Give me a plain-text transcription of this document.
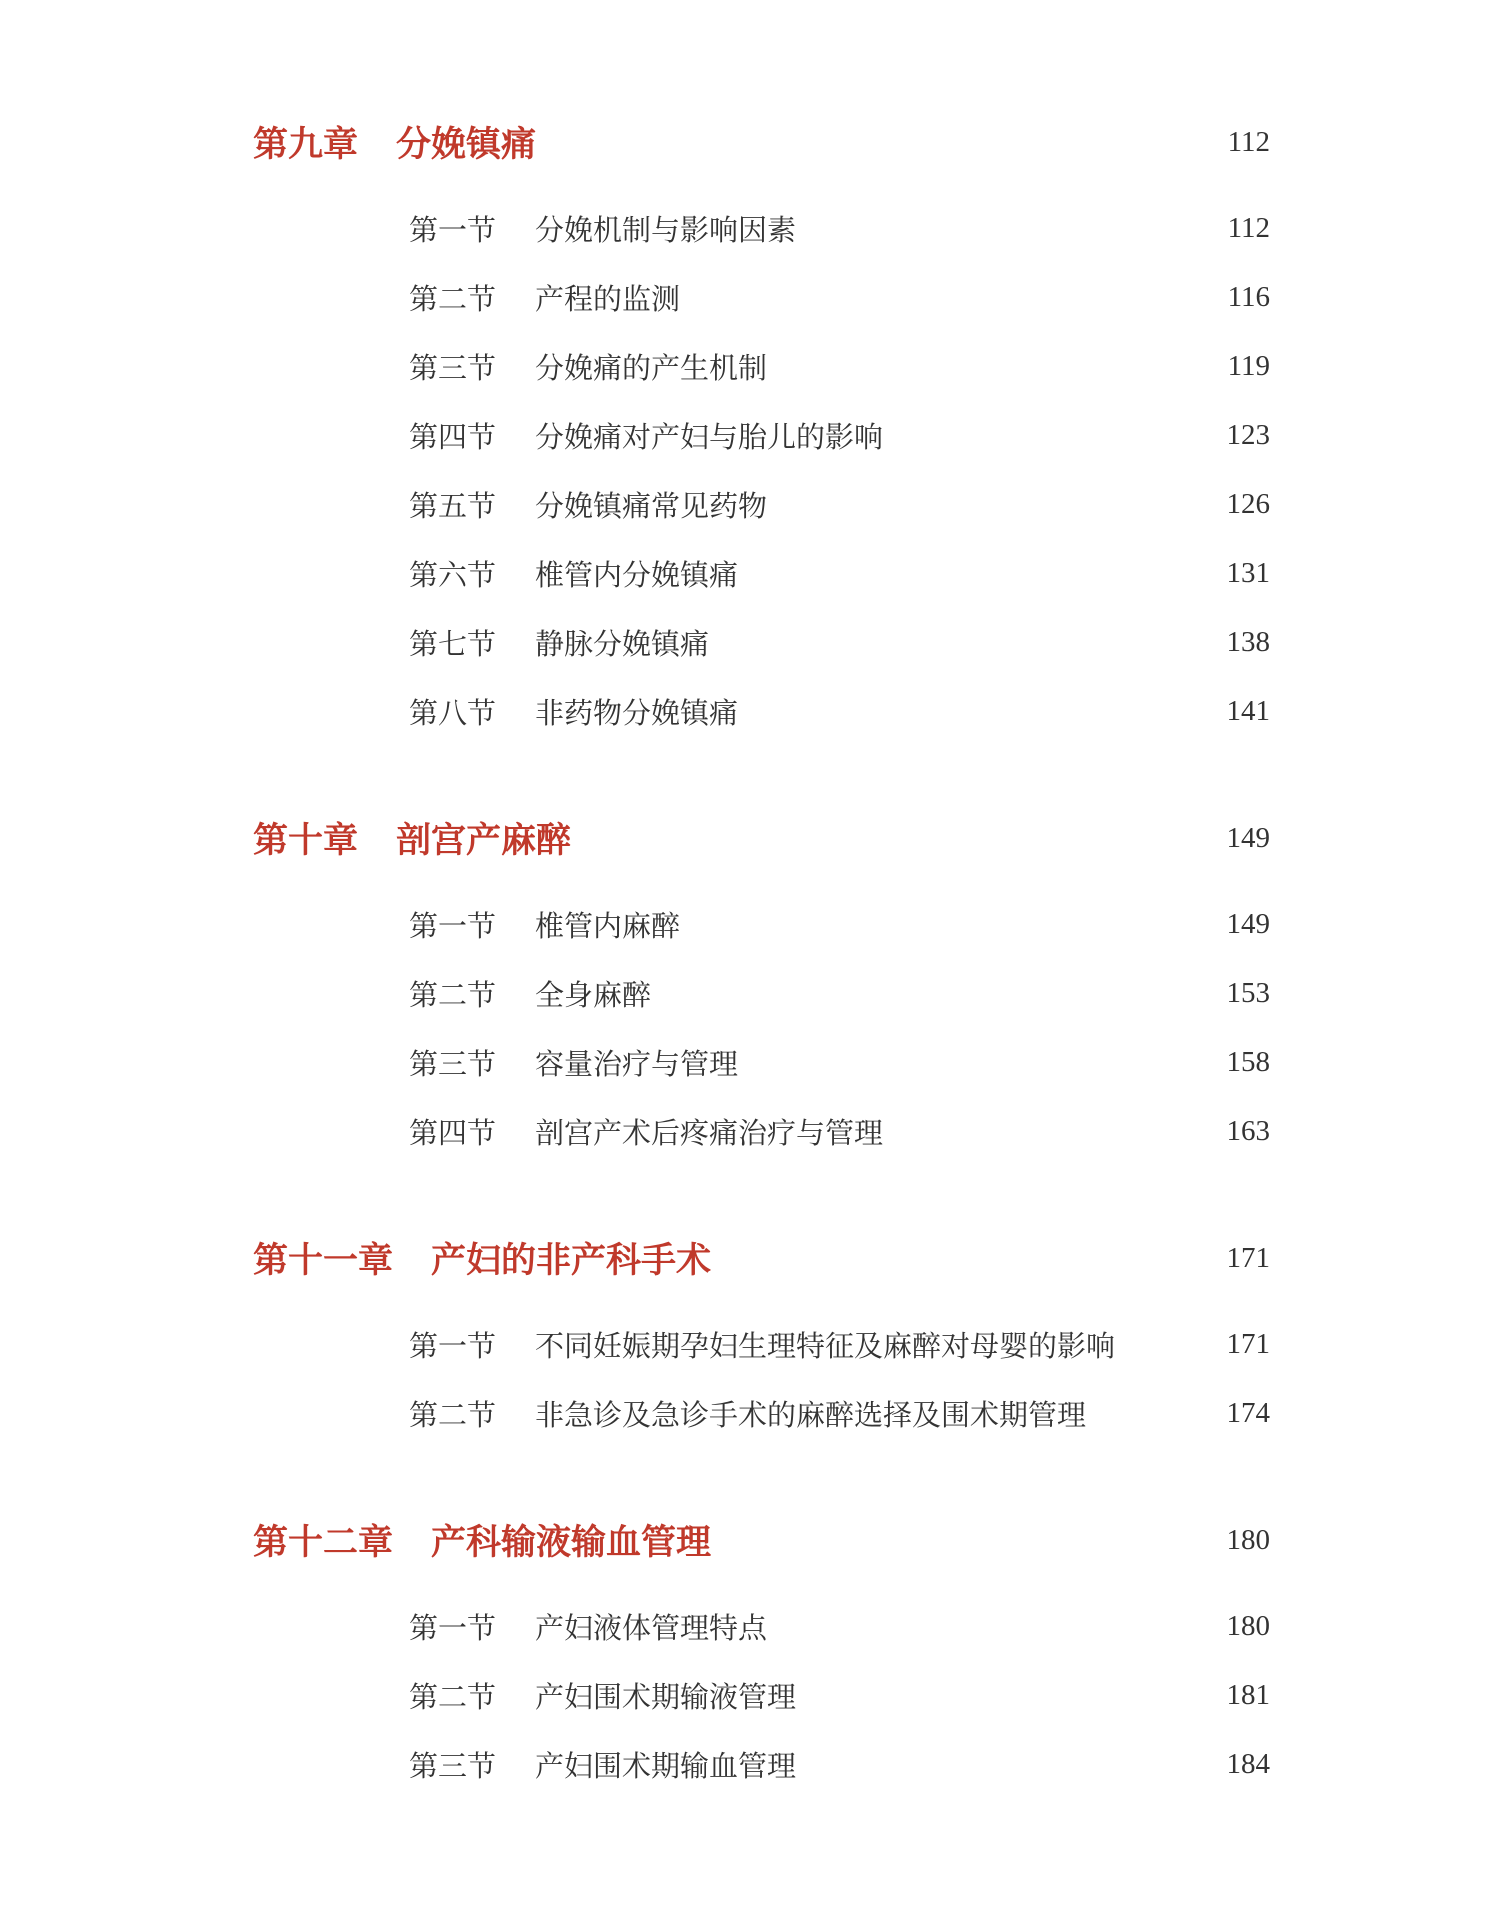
第九章 分娩镇痛	112
第一节	分娩机制与影响因素	112
第二节	产程的监测	116
第三节	分娩痛的产生机制	119
第四节	分娩痛对产妇与胎儿的影响	123
第五节	分娩镇痛常见药物	126
第六节	椎管内分娩镇痛	131
第七节	静脉分娩镇痛	138
第八节	非药物分娩镇痛	141
第十章 剖宫产麻醉	149
第一节	椎管内麻醉	149
第二节	全身麻醉	153
第三节	容量治疗与管理	158
第四节	剖宫产术后疼痛治疗与管理	163
第十一章 产妇的非产科手术	171
第一节	不同妊娠期孕妇生理特征及麻醉对母婴的影响	171
第二节	非急诊及急诊手术的麻醉选择及围术期管理	174
第十二章 产科输液输血管理	180
第一节	产妇液体管理特点	180
第二节	产妇围术期输液管理	181
第三节	产妇围术期输血管理	184
